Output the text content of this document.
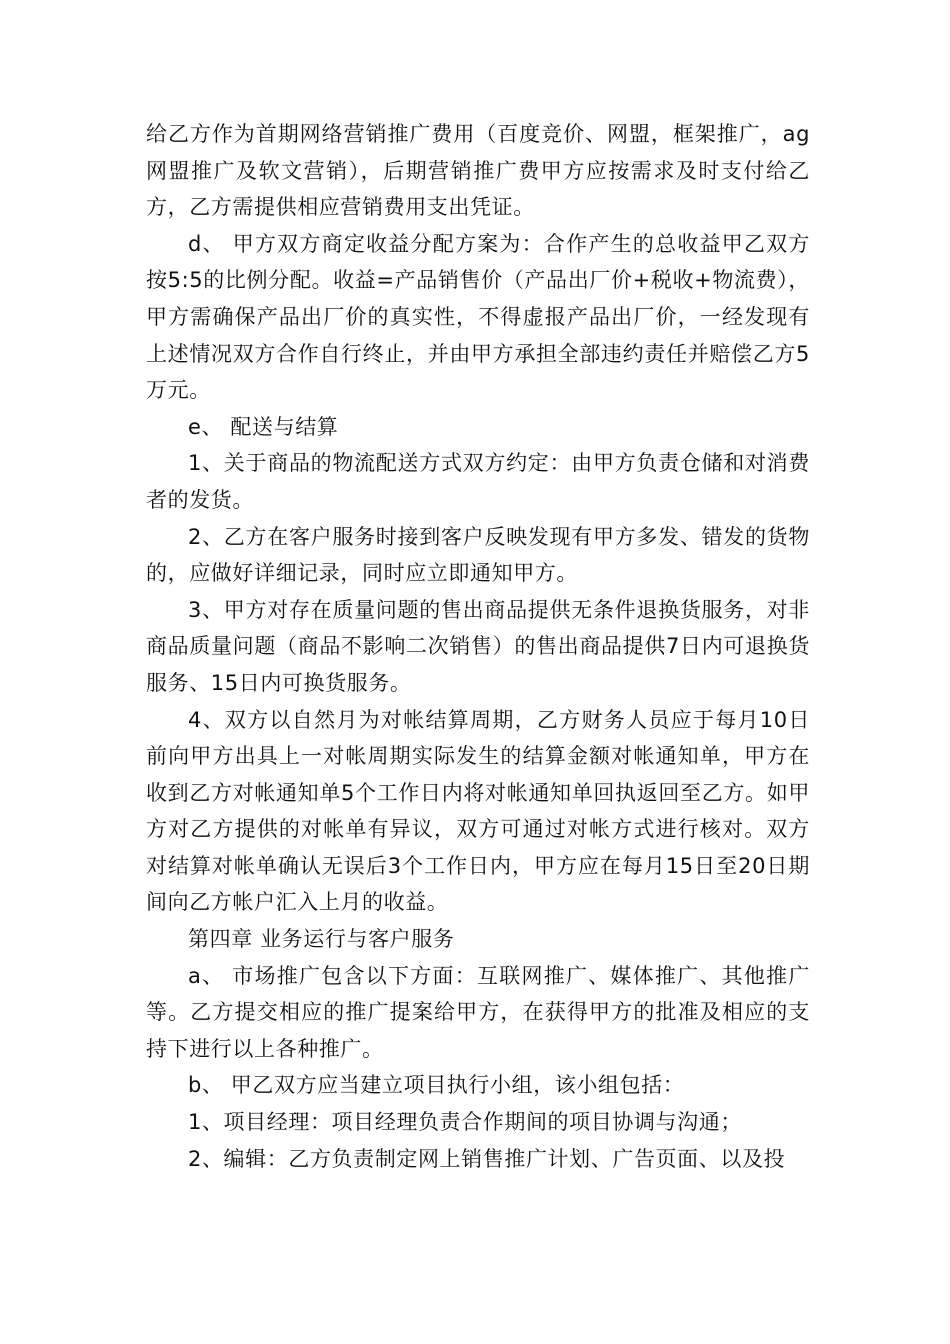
给乙方作为首期网络营销推广费用（百度竞价、网盟，框架推广，ag网盟推广及软文营销），后期营销推广费甲方应按需求及时支付给乙方，乙方需提供相应营销费用支出凭证。

d、 甲方双方商定收益分配方案为：合作产生的总收益甲乙双方按5:5的比例分配。收益=产品销售价（产品出厂价+税收+物流费），甲方需确保产品出厂价的真实性，不得虚报产品出厂价，一经发现有上述情况双方合作自行终止，并由甲方承担全部违约责任并赔偿乙方5万元。

e、 配送与结算

1、关于商品的物流配送方式双方约定：由甲方负责仓储和对消费者的发货。

2、乙方在客户服务时接到客户反映发现有甲方多发、错发的货物的，应做好详细记录，同时应立即通知甲方。

3、甲方对存在质量问题的售出商品提供无条件退换货服务，对非商品质量问题（商品不影响二次销售）的售出商品提供7日内可退换货服务、15日内可换货服务。

4、双方以自然月为对帐结算周期，乙方财务人员应于每月10日前向甲方出具上一对帐周期实际发生的结算金额对帐通知单，甲方在收到乙方对帐通知单5个工作日内将对帐通知单回执返回至乙方。如甲方对乙方提供的对帐单有异议，双方可通过对帐方式进行核对。双方对结算对帐单确认无误后3个工作日内，甲方应在每月15日至20日期间向乙方帐户汇入上月的收益。

第四章 业务运行与客户服务

a、 市场推广包含以下方面：互联网推广、媒体推广、其他推广等。乙方提交相应的推广提案给甲方，在获得甲方的批准及相应的支持下进行以上各种推广。

b、 甲乙双方应当建立项目执行小组，该小组包括：

1、项目经理：项目经理负责合作期间的项目协调与沟通；

2、编辑：乙方负责制定网上销售推广计划、广告页面、以及投
